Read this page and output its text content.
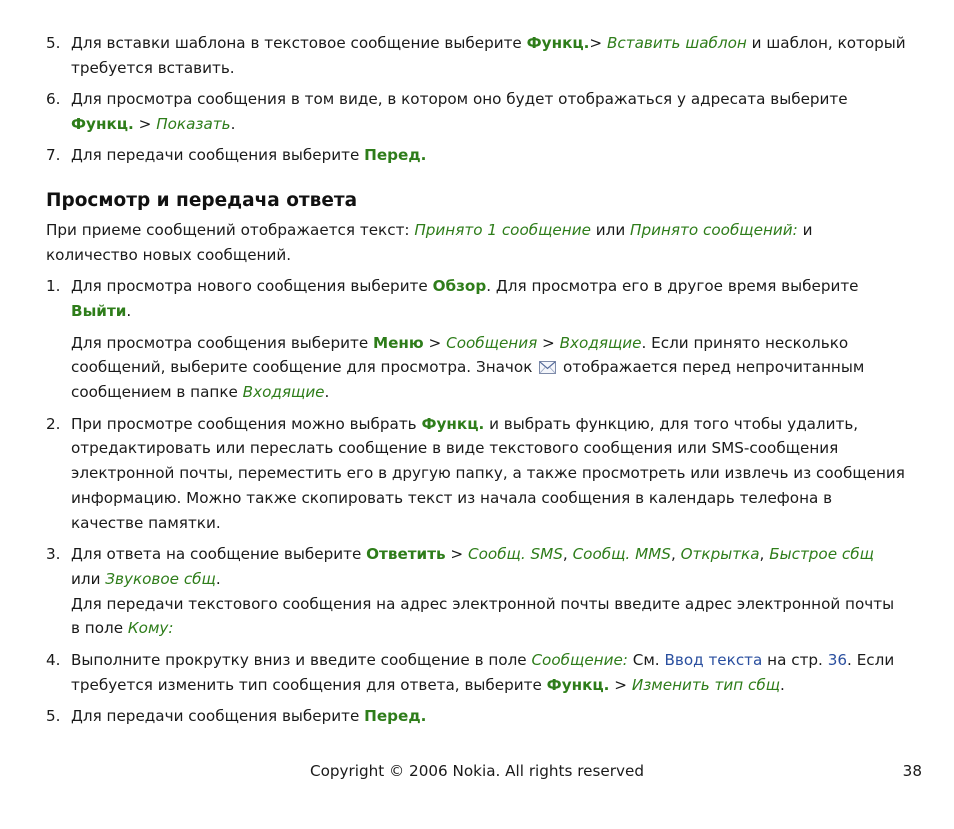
5. Для вставки шаблона в текстовое сообщение выберите Функц.> Вставить шаблон и шаблон, который требуется вставить.
6. Для просмотра сообщения в том виде, в котором оно будет отображаться у адресата выберите Функц. > Показать.
7. Для передачи сообщения выберите Перед.
Просмотр и передача ответа
При приеме сообщений отображается текст: Принято 1 сообщение или Принято сообщений: и количество новых сообщений.
1. Для просмотра нового сообщения выберите Обзор. Для просмотра его в другое время выберите Выйти.
Для просмотра сообщения выберите Меню > Сообщения > Входящие. Если принято несколько сообщений, выберите сообщение для просмотра. Значок  отображается перед непрочитанным сообщением в папке Входящие.
2. При просмотре сообщения можно выбрать Функц. и выбрать функцию, для того чтобы удалить, отредактировать или переслать сообщение в виде текстового сообщения или SMS-сообщения электронной почты, переместить его в другую папку, а также просмотреть или извлечь из сообщения информацию. Можно также скопировать текст из начала сообщения в календарь телефона в качестве памятки.
3. Для ответа на сообщение выберите Ответить > Сообщ. SMS, Сообщ. MMS, Открытка, Быстрое сбщ или Звуковое сбщ.
Для передачи текстового сообщения на адрес электронной почты введите адрес электронной почты в поле Кому:
4. Выполните прокрутку вниз и введите сообщение в поле Сообщение: См. Ввод текста на стр. 36. Если требуется изменить тип сообщения для ответа, выберите Функц. > Изменить тип сбщ.
5. Для передачи сообщения выберите Перед.
Copyright © 2006 Nokia. All rights reserved	38
